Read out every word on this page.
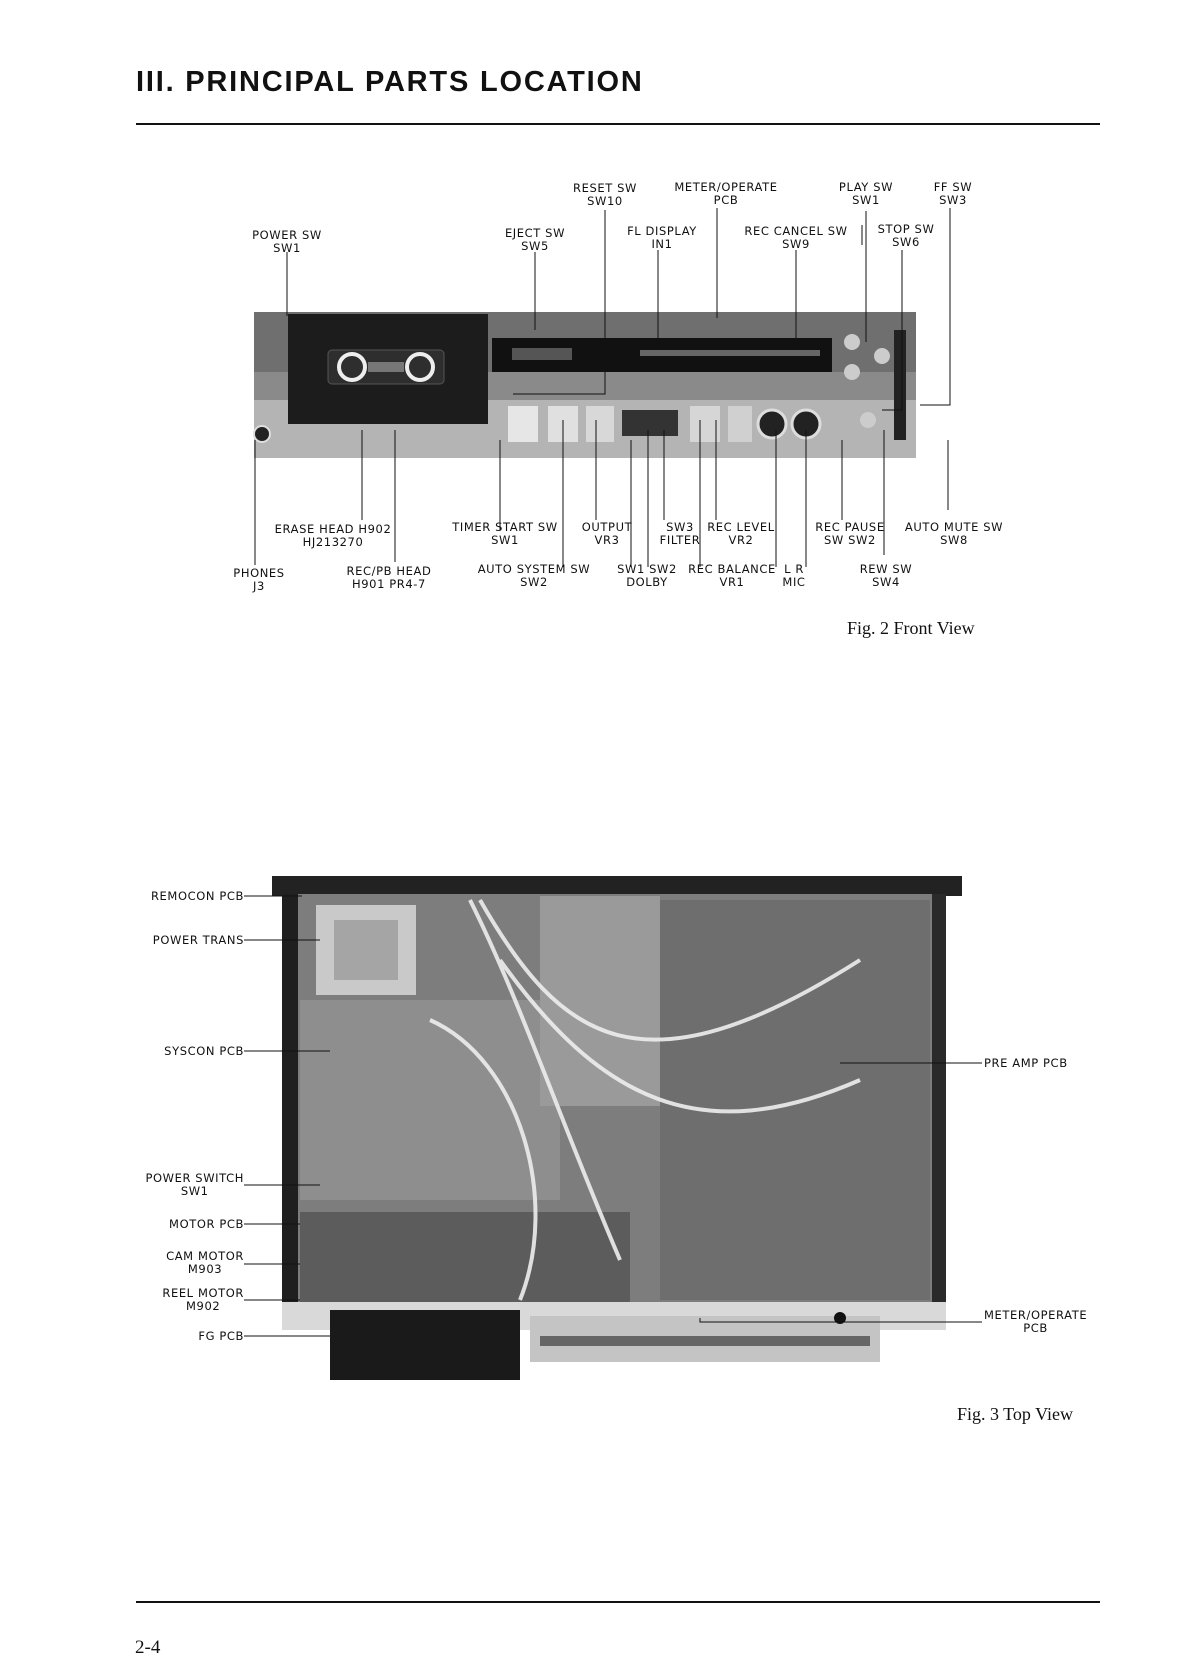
III. PRINCIPAL PARTS LOCATION
2-4
POWER SW
SW1
EJECT SW
SW5
RESET SW
SW10
METER/OPERATE
PCB
FL DISPLAY
IN1
REC CANCEL SW
SW9
PLAY SW
SW1
STOP SW
SW6
FF SW
SW3
ERASE HEAD H902
HJ213270
PHONES
J3
REC/PB HEAD
H901 PR4-7
TIMER START SW
SW1
AUTO SYSTEM SW
SW2
OUTPUT
VR3
SW3
FILTER
SW1 SW2
DOLBY
REC LEVEL
VR2
REC BALANCE
VR1
L R
MIC
REC PAUSE
SW SW2
REW SW
SW4
AUTO MUTE SW
SW8
Fig. 2 Front View
REMOCON PCB
POWER TRANS
SYSCON PCB
POWER SWITCH
SW1
MOTOR PCB
CAM MOTOR
M903
REEL MOTOR
M902
FG PCB
PRE AMP PCB
METER/OPERATE
PCB
Fig. 3 Top View
